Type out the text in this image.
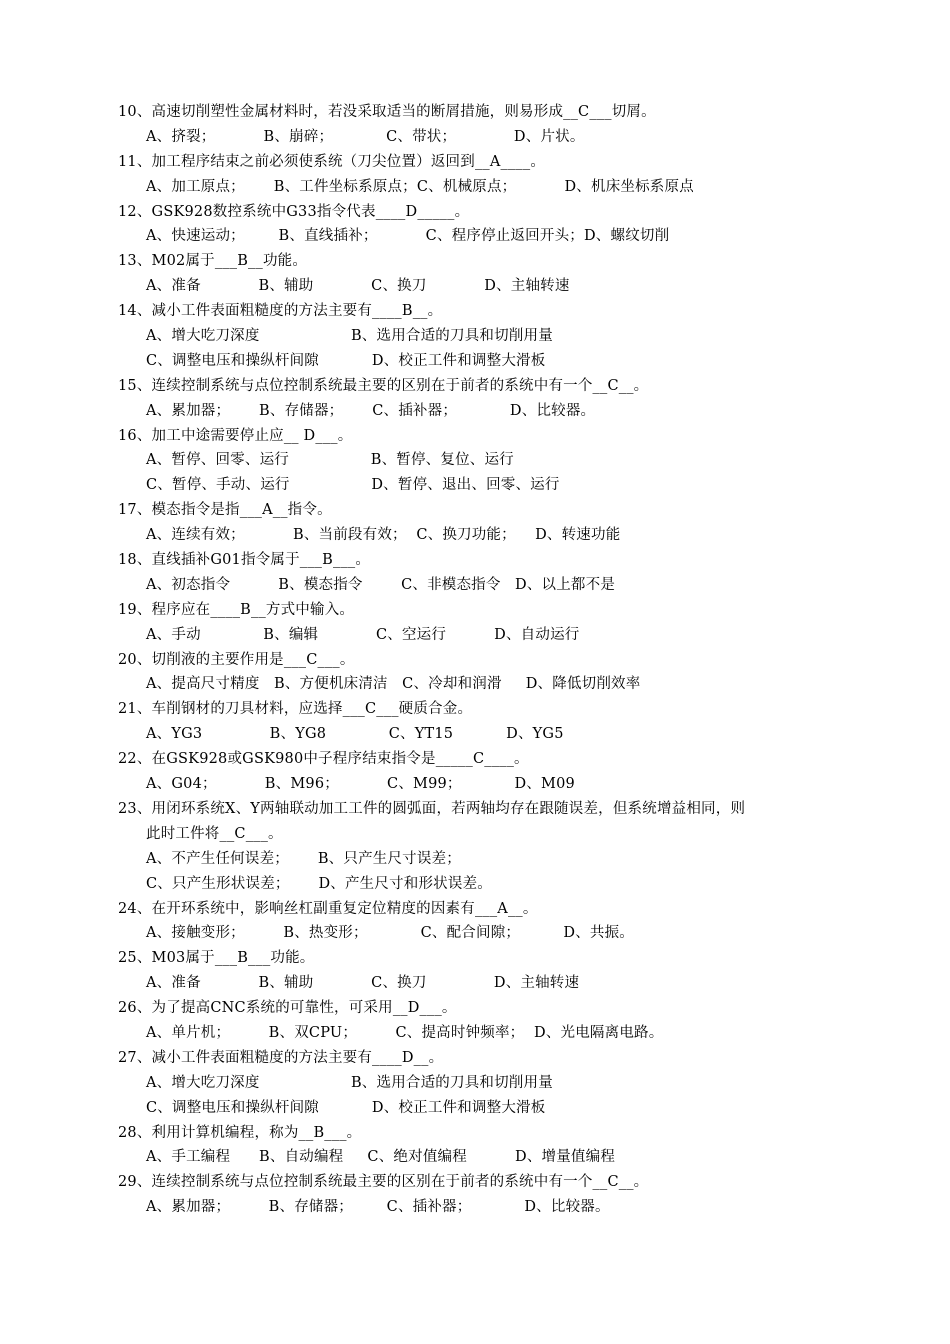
10、高速切削塑性金属材料时，若没采取适当的断屑措施，则易形成__C___切屑。
A、挤裂；          B、崩碎；           C、带状；            D、片状。
11、加工程序结束之前必须使系统（刀尖位置）返回到__A____。
A、加工原点；      B、工件坐标系原点；C、机械原点；          D、机床坐标系原点
12、GSK928数控系统中G33指令代表____D_____。
A、快速运动；       B、直线插补；          C、程序停止返回开头；D、螺纹切削
13、M02属于___B__功能。
A、准备            B、辅助            C、换刀            D、主轴转速
14、减小工件表面粗糙度的方法主要有____B__。
A、增大吃刀深度                   B、选用合适的刀具和切削用量
C、调整电压和操纵杆间隙           D、校正工件和调整大滑板
15、连续控制系统与点位控制系统最主要的区别在于前者的系统中有一个__C__。
A、累加器；      B、存储器；      C、插补器；           D、比较器。
16、加工中途需要停止应__ D___。
A、暂停、回零、运行                 B、暂停、复位、运行
C、暂停、手动、运行                 D、暂停、退出、回零、运行
17、模态指令是指___A__指令。
A、连续有效；          B、当前段有效；  C、换刀功能；    D、转速功能
18、直线插补G01指令属于___B___。
A、初态指令          B、模态指令        C、非模态指令   D、以上都不是
19、程序应在____B__方式中输入。
A、手动             B、编辑            C、空运行          D、自动运行
20、切削液的主要作用是___C___。
A、提高尺寸精度   B、方便机床清洁   C、冷却和润滑     D、降低切削效率
21、车削钢材的刀具材料，应选择___C___硬质合金。
A、YG3              B、YG8             C、YT15           D、YG5
22、在GSK928或GSK980中子程序结束指令是_____C____。
A、G04；          B、M96；          C、M99；           D、M09
23、用闭环系统X、Y两轴联动加工工件的圆弧面，若两轴均存在跟随误差，但系统增益相同，则
此时工件将__C___。
A、不产生任何误差；      B、只产生尺寸误差；
C、只产生形状误差；      D、产生尺寸和形状误差。
24、在开环系统中，影响丝杠副重复定位精度的因素有___A__。
A、接触变形；        B、热变形；           C、配合间隙；         D、共振。
25、M03属于___B___功能。
A、准备            B、辅助            C、换刀              D、主轴转速
26、为了提高CNC系统的可靠性，可采用__D___。
A、单片机；        B、双CPU；        C、提高时钟频率；  D、光电隔离电路。
27、减小工件表面粗糙度的方法主要有____D__。
A、增大吃刀深度                   B、选用合适的刀具和切削用量
C、调整电压和操纵杆间隙           D、校正工件和调整大滑板
28、利用计算机编程，称为__B___。
A、手工编程      B、自动编程     C、绝对值编程          D、增量值编程
29、连续控制系统与点位控制系统最主要的区别在于前者的系统中有一个__C__。
A、累加器；        B、存储器；       C、插补器；           D、比较器。
